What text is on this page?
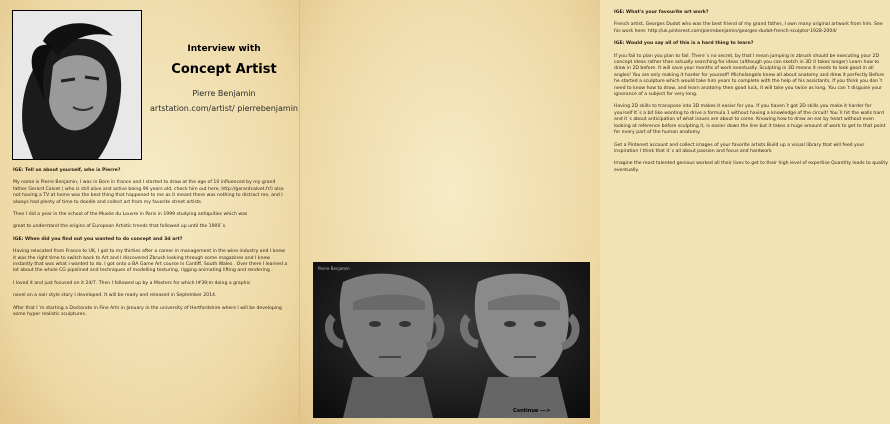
Interview with

Concept Artist

Pierre Benjamin

artstation.com/artist/ pierrebenjamin

IGE: Tell us about yourself, who is Pierre?

My name is Pierre Benjamin, I was in Born in france and I started to draw at the age of 10 influenced by my grand father Gerard Calvet ( who is still alive and active being 90 years old, check him out here, http://gerardcalvet.fr/) also not having a TV at home was the best thing that happened to me as it meant there was nothing to distract me, and I always had plenty of time to doodle and collect art from my favorite street artists.

Then I did a year in the school of the Musée du Louvre in Paris in 1999 studying antiquities which was

great to understand the origins of European Artistic trends that followed up until the 1900´s.

IGE: When did you find out you wanted to do concept and 3d art?

Having relocated from France to UK, I got to my thirties after a career in management in the wine industry and I knew it was the right time to switch back to Art and I discovered Zbrush looking through some magazines and I knew instantly that was what I wanted to do. I got onto a BA Game Art course in Cardiff, South Wales . Over there I learned a lot about the whole CG pipelined and techniques of modelling texturing, rigging animating lifting and rendering .

I loved it and just focused on it 24/7. Then I followed up by a Masters for which I#39;m doing a graphic

novel on a noir style story I developed. It will be ready and released in September 2014.

After that I´m starting a Doctorate in Fine Arts in January in the university of Hertfordshire where I will be developing some hyper realistic sculptures.

IGE: What's your favourite art work?

French artist, Georges Dudot who was the best friend of my grand father, I own many original artwork from him. See his work here: http://uk.pinterest.com/pierrebenjamin/georges-dudot-french-sculptor-1928-2004/

IGE: Would you say all of this is a hard thing to learn?

If you fail to plan you plan to fail. There´s no secret, by that I mean jumping in zbrush should be executing your 2D concept ideas rather than actually searching for ideas (although you can sketch in 3D it takes longer) Learn how to draw in 2D before. It will save your months of work eventually. Sculpting in 3D means it needs to look good in all angles! You are only making it harder for yourself! Michelangelo knew all about anatomy and drew it perfectly Before he started a sculpture which would take him years to complete with the help of his assistants, If you think you don´t need to know how to draw, and learn anatomy then good luck, it will take you twice as long. You can´t disguise your ignorance of a subject for very long.

Having 2D skills to transpose into 3D makes it easier for you. If you haven´t got 2D skills you make it harder for yourself It´s a bit like wanting to drive a formula 1 without having a knowledge of the circuit! You´ll hit the walls hard and it´s about anticipation of what issues are about to come. Knowing how to draw an ear by heart without even looking at reference before sculpting it, is easier down the line but it takes a huge amount of work to get to that point for every part of the human anatomy.

Get a Pinterest account and collect images of your favorite artists Build up a visual library that will feed your inspiration I think that it´s all about passion and focus and hardwork

Imagine the most talented genious worked all their lives to get to their high level of expertise Quantity leads to quality eventually.

Pierre Benjamin
Continue --->
